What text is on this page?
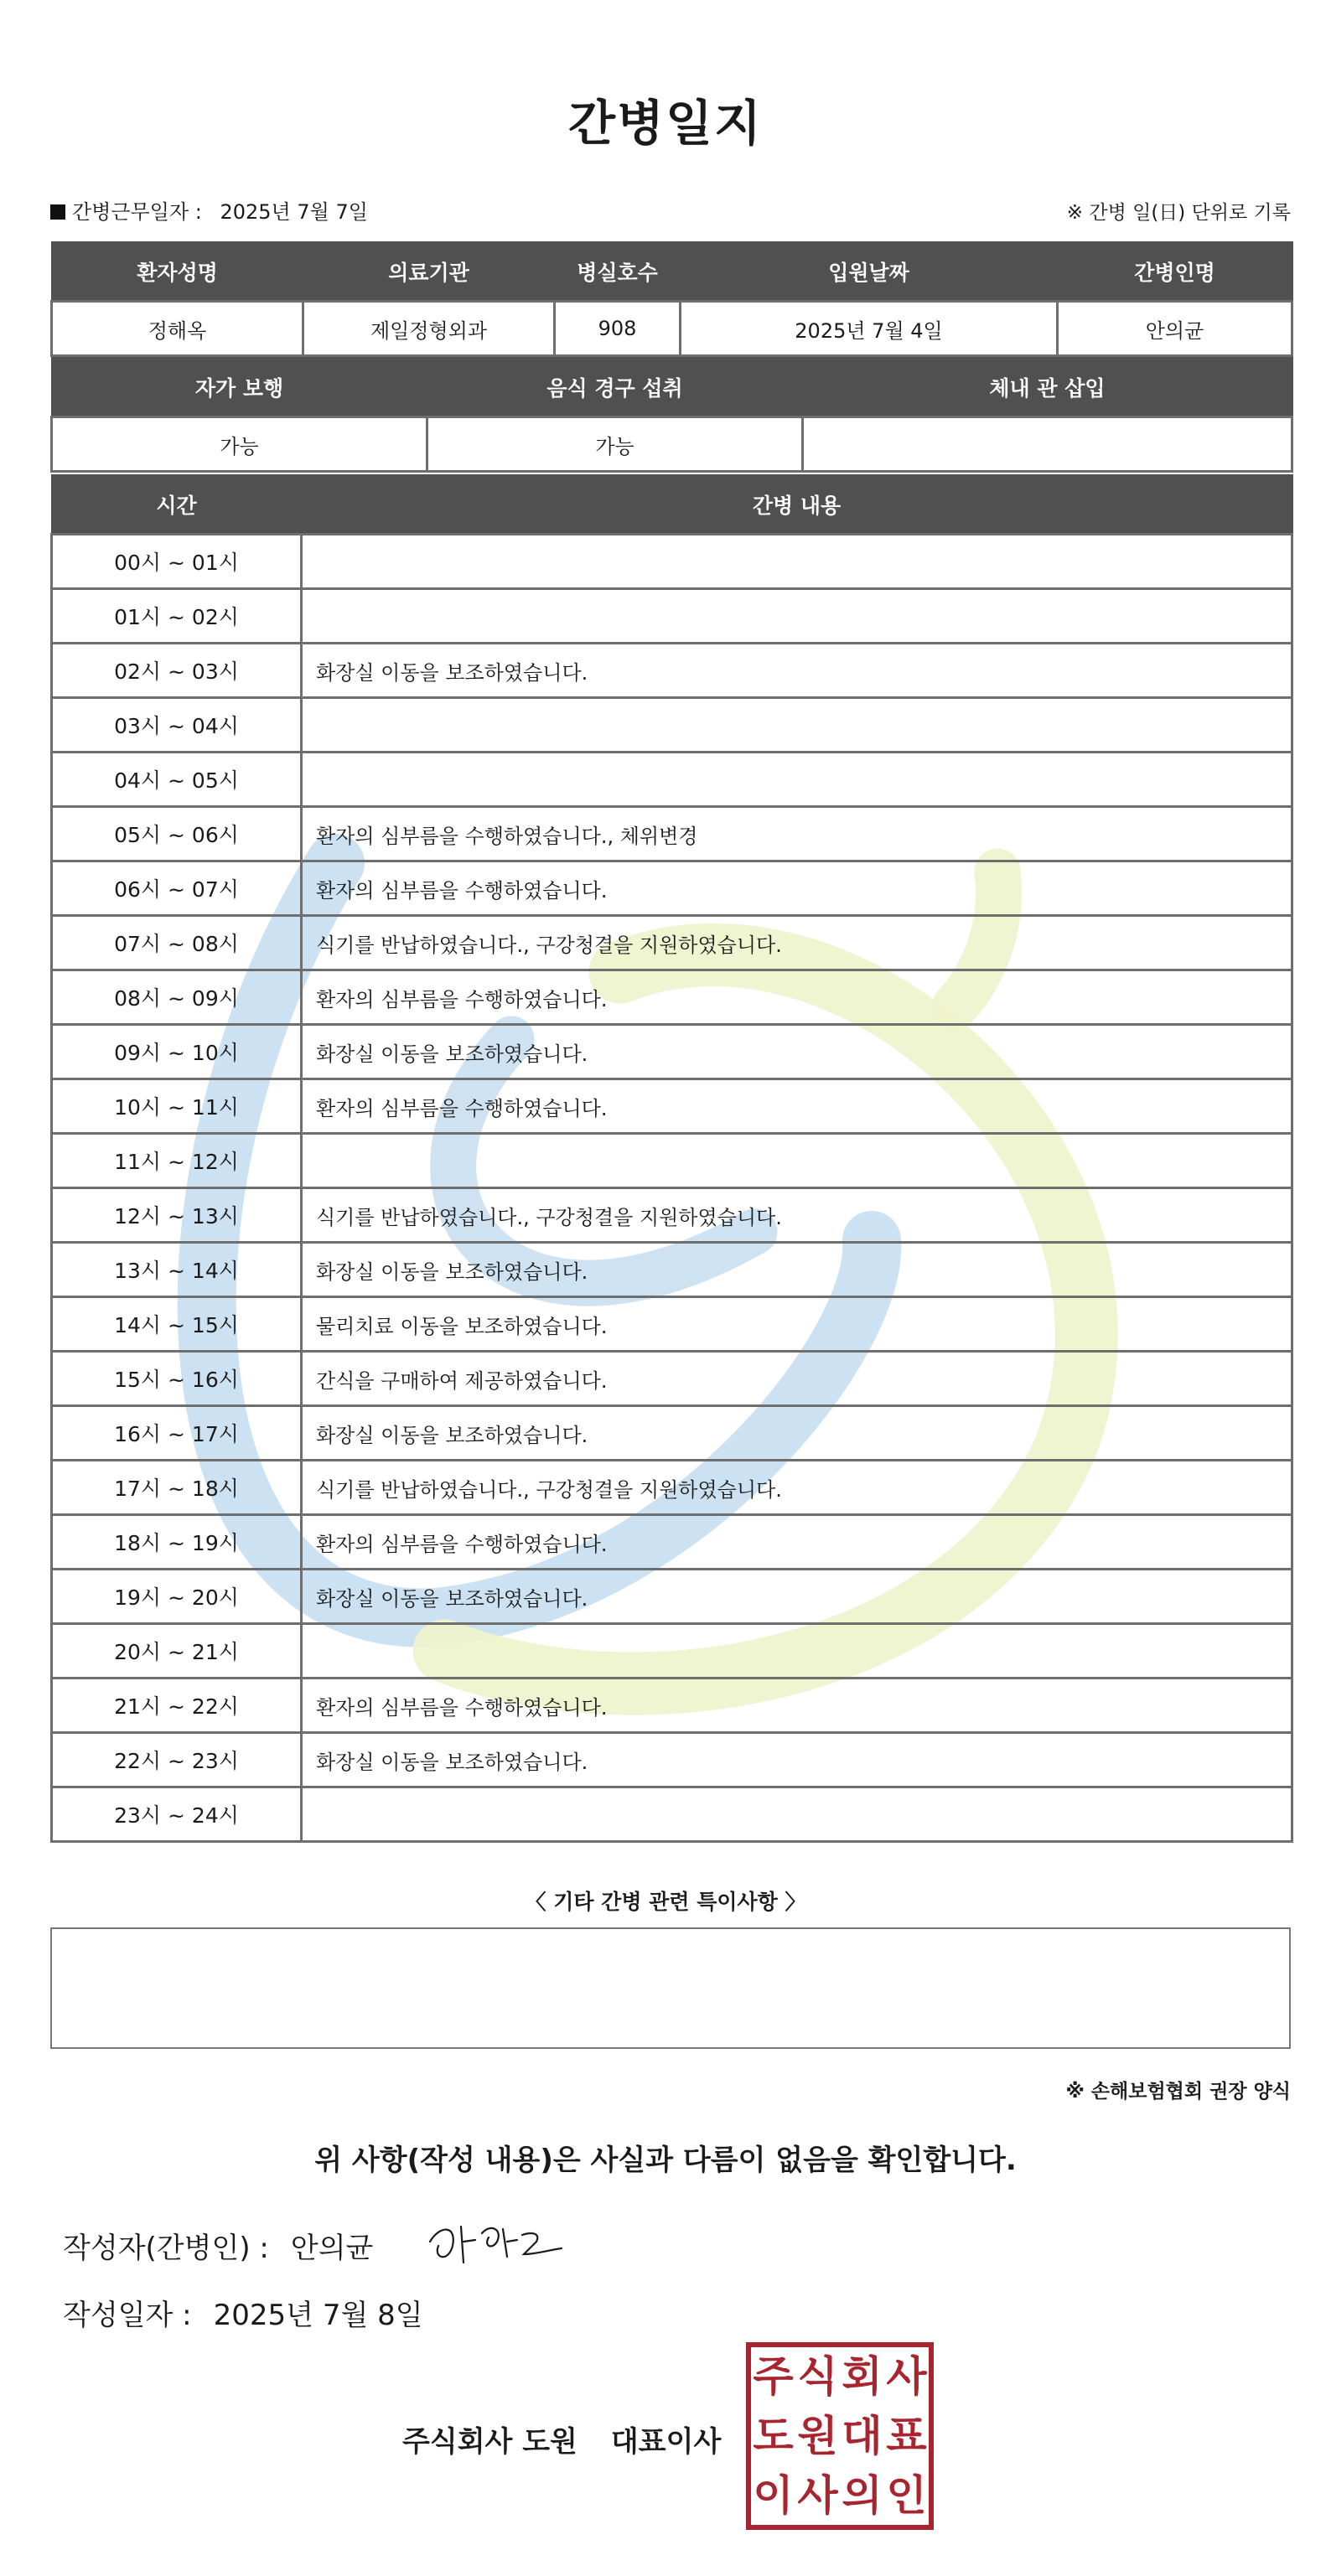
간병일지
간병근무일자 : 2025년 7월 7일	※ 간병 일(日) 단위로 기록
환자성명	의료기관	병실호수	입원날짜	간병인명
정해옥	제일정형외과	908	2025년 7월 4일	안의균
자가 보행	음식 경구 섭취	체내 관 삽입
가능	가능	
시간	간병 내용
00시 ~ 01시	
01시 ~ 02시	
02시 ~ 03시	화장실 이동을 보조하였습니다.
03시 ~ 04시	
04시 ~ 05시	
05시 ~ 06시	환자의 심부름을 수행하였습니다., 체위변경
06시 ~ 07시	환자의 심부름을 수행하였습니다.
07시 ~ 08시	식기를 반납하였습니다., 구강청결을 지원하였습니다.
08시 ~ 09시	환자의 심부름을 수행하였습니다.
09시 ~ 10시	화장실 이동을 보조하였습니다.
10시 ~ 11시	환자의 심부름을 수행하였습니다.
11시 ~ 12시	
12시 ~ 13시	식기를 반납하였습니다., 구강청결을 지원하였습니다.
13시 ~ 14시	화장실 이동을 보조하였습니다.
14시 ~ 15시	물리치료 이동을 보조하였습니다.
15시 ~ 16시	간식을 구매하여 제공하였습니다.
16시 ~ 17시	화장실 이동을 보조하였습니다.
17시 ~ 18시	식기를 반납하였습니다., 구강청결을 지원하였습니다.
18시 ~ 19시	환자의 심부름을 수행하였습니다.
19시 ~ 20시	화장실 이동을 보조하였습니다.
20시 ~ 21시	
21시 ~ 22시	환자의 심부름을 수행하였습니다.
22시 ~ 23시	화장실 이동을 보조하였습니다.
23시 ~ 24시	
〈 기타 간병 관련 특이사항 〉
※ 손해보험협회 권장 양식
위 사항(작성 내용)은 사실과 다름이 없음을 확인합니다.
작성자(간병인) : 안의균
작성일자 : 2025년 7월 8일
주식회사 도원 대표이사
주 식 회 사
도 원 대 표
이 사 의 인
